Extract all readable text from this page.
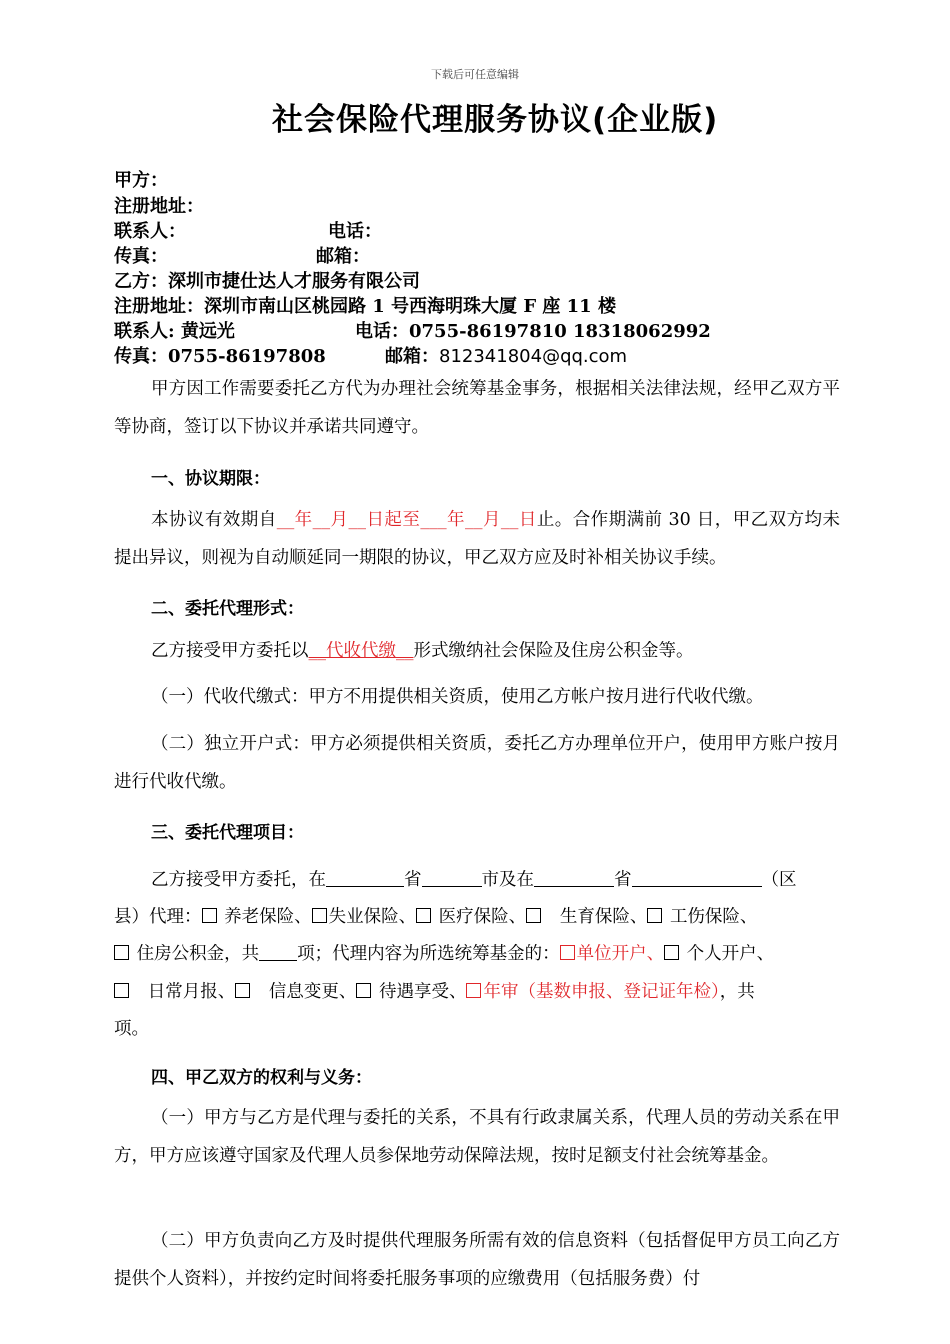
下载后可任意编辑
社会保险代理服务协议(企业版)
甲方：
注册地址：
联系人：	电话：
传真：	邮箱：
乙方：深圳市捷仕达人才服务有限公司
注册地址：深圳市南山区桃园路 1 号西海明珠大厦 F 座 11 楼
联系人: 黄远光	电话：0755-86197810 18318062992
传真：0755-86197808	邮箱：812341804@qq.com
甲方因工作需要委托乙方代为办理社会统筹基金事务，根据相关法律法规，经甲乙双方平等协商，签订以下协议并承诺共同遵守。
一、协议期限：
本协议有效期自__年__月__日起至___年__月__日止。合作期满前 30 日，甲乙双方均未提出异议，则视为自动顺延同一期限的协议，甲乙双方应及时补相关协议手续。
二、委托代理形式：
乙方接受甲方委托以__代收代缴__形式缴纳社会保险及住房公积金等。
（一）代收代缴式：甲方不用提供相关资质，使用乙方帐户按月进行代收代缴。
（二）独立开户式：甲方必须提供相关资质，委托乙方办理单位开户，使用甲方账户按月进行代收代缴。
三、委托代理项目：
乙方接受甲方委托，在	省	市及在	省	（区
县）代理： 养老保险、 失业保险、 医疗保险、 生育保险、 工伤保险、
住房公积金，共 项；代理内容为所选统筹基金的： 单位开户、 个人开户、
日常月报、 信息变更、 待遇享受、 年审（基数申报、登记证年检），共
项。
四、甲乙双方的权利与义务：
（一）甲方与乙方是代理与委托的关系，不具有行政隶属关系，代理人员的劳动关系在甲方，甲方应该遵守国家及代理人员参保地劳动保障法规，按时足额支付社会统筹基金。
（二）甲方负责向乙方及时提供代理服务所需有效的信息资料（包括督促甲方员工向乙方提供个人资料），并按约定时间将委托服务事项的应缴费用（包括服务费）付
